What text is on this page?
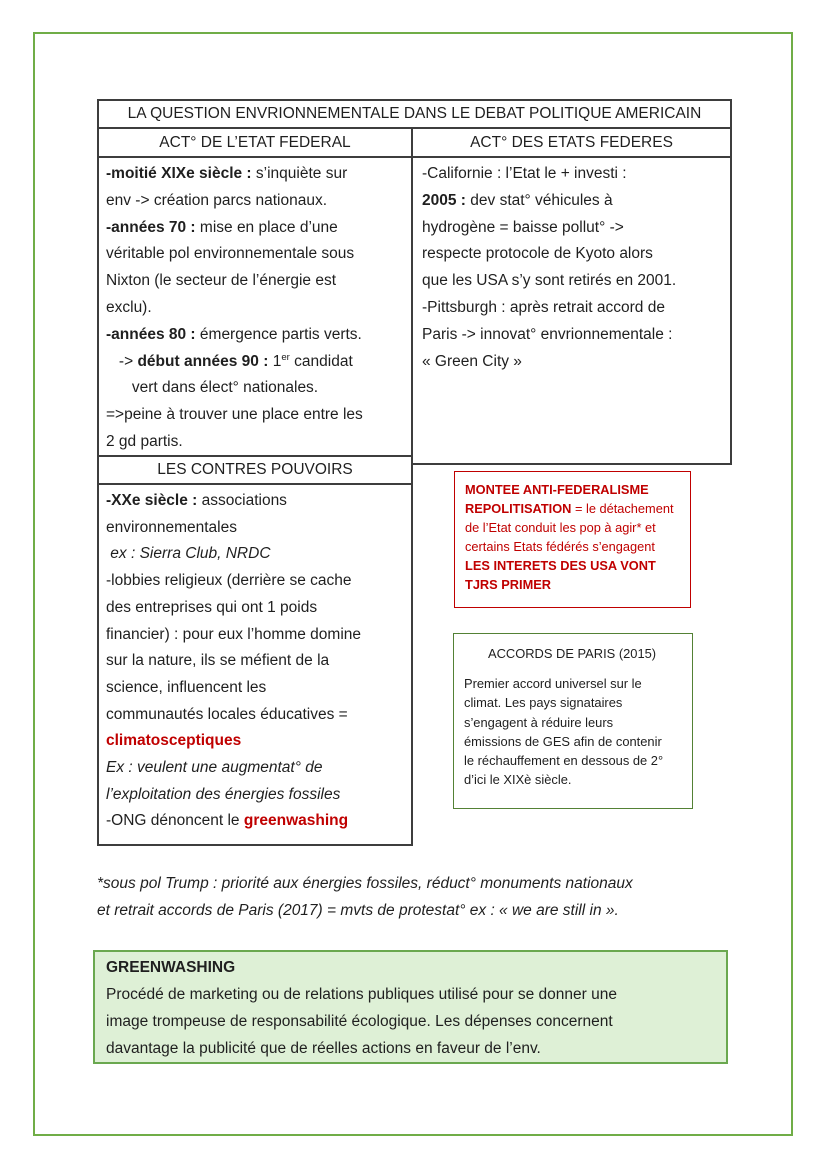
LA QUESTION ENVRIONNEMENTALE DANS LE DEBAT POLITIQUE AMERICAIN
ACT° DE L’ETAT FEDERAL	ACT° DES ETATS FEDERES
-moitié XIXe siècle : s’inquiète sur
env -> création parcs nationaux.
-années 70 : mise en place d’une
véritable pol environnementale sous
Nixton (le secteur de l’énergie est
exclu).
-années 80 : émergence partis verts.
-> début années 90 : 1er candidat
vert dans élect° nationales.
=>peine à trouver une place entre les
2 gd partis.
-Californie : l’Etat le + investi :
2005 : dev stat° véhicules à
hydrogène = baisse pollut° ->
respecte protocole de Kyoto alors
que les USA s’y sont retirés en 2001.
-Pittsburgh : après retrait accord de
Paris -> innovat° envrionnementale :
« Green City »
LES CONTRES POUVOIRS
-XXe siècle : associations
environnementales
ex : Sierra Club, NRDC
-lobbies religieux (derrière se cache
des entreprises qui ont 1 poids
financier) : pour eux l’homme domine
sur la nature, ils se méfient de la
science, influencent les
communautés locales éducatives =
climatosceptiques
Ex : veulent une augmentat° de
l’exploitation des énergies fossiles
-ONG dénoncent le greenwashing
MONTEE ANTI-FEDERALISME
REPOLITISATION = le détachement
de l’Etat conduit les pop à agir* et
certains Etats fédérés s’engagent
LES INTERETS DES USA VONT
TJRS PRIMER
ACCORDS DE PARIS (2015)
Premier accord universel sur le
climat. Les pays signataires
s’engagent à réduire leurs
émissions de GES afin de contenir
le réchauffement en dessous de 2°
d’ici le XIXè siècle.
*sous pol Trump : priorité aux énergies fossiles, réduct° monuments nationaux
et retrait accords de Paris (2017) = mvts de protestat° ex : « we are still in ».
GREENWASHING
Procédé de marketing ou de relations publiques utilisé pour se donner une
image trompeuse de responsabilité écologique. Les dépenses concernent
davantage la publicité que de réelles actions en faveur de l’env.
